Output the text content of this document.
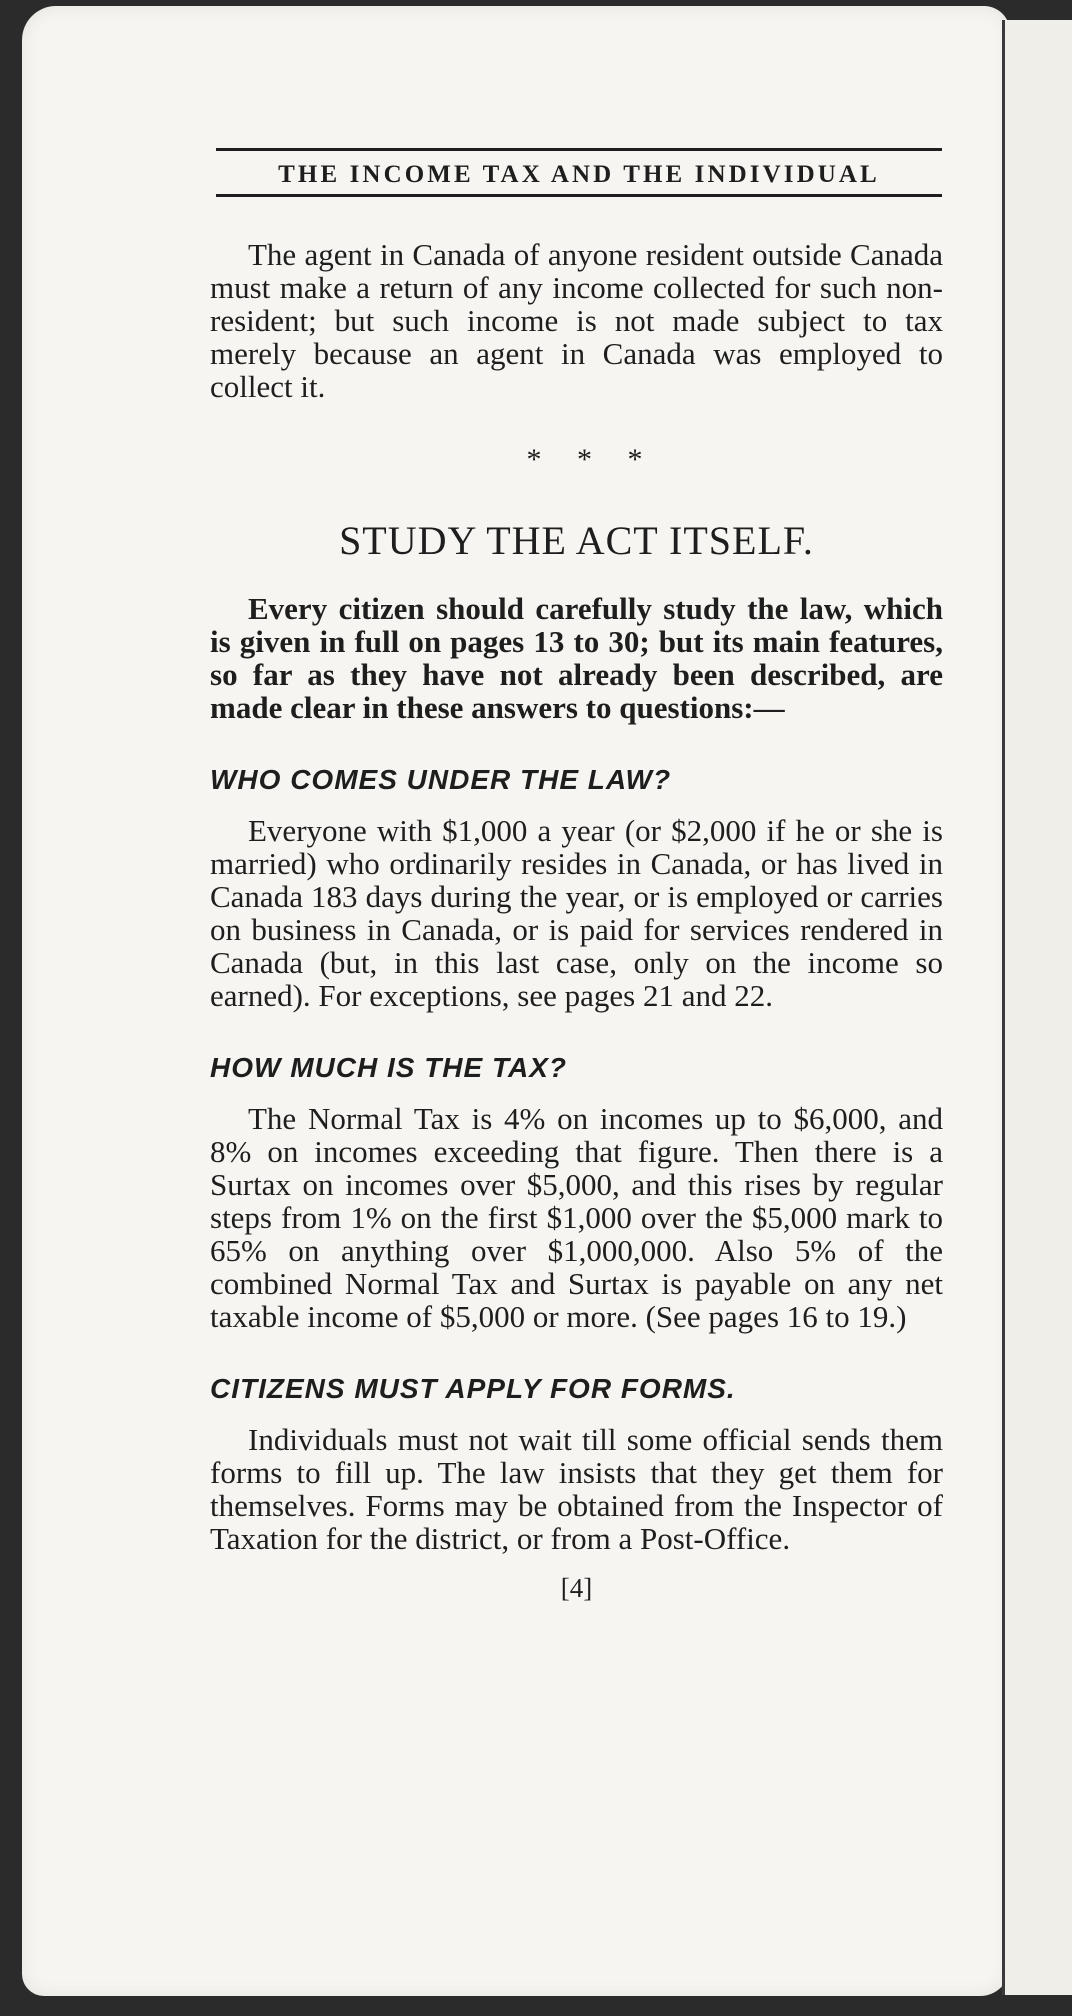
THE INCOME TAX AND THE INDIVIDUAL

The agent in Canada of anyone resident outside Canada must make a return of any income collected for such non-resident; but such income is not made subject to tax merely because an agent in Canada was employed to collect it.

* * *
STUDY THE ACT ITSELF.

Every citizen should carefully study the law, which is given in full on pages 13 to 30; but its main features, so far as they have not already been described, are made clear in these answers to questions:—

WHO COMES UNDER THE LAW?

Everyone with $1,000 a year (or $2,000 if he or she is married) who ordinarily resides in Canada, or has lived in Canada 183 days during the year, or is employed or carries on business in Canada, or is paid for services rendered in Canada (but, in this last case, only on the income so earned). For exceptions, see pages 21 and 22.

HOW MUCH IS THE TAX?

The Normal Tax is 4% on incomes up to $6,000, and 8% on incomes exceeding that figure. Then there is a Surtax on incomes over $5,000, and this rises by regular steps from 1% on the first $1,000 over the $5,000 mark to 65% on anything over $1,000,000. Also 5% of the combined Normal Tax and Surtax is payable on any net taxable income of $5,000 or more. (See pages 16 to 19.)

CITIZENS MUST APPLY FOR FORMS.

Individuals must not wait till some official sends them forms to fill up. The law insists that they get them for themselves. Forms may be obtained from the Inspector of Taxation for the district, or from a Post-Office.

[4]
